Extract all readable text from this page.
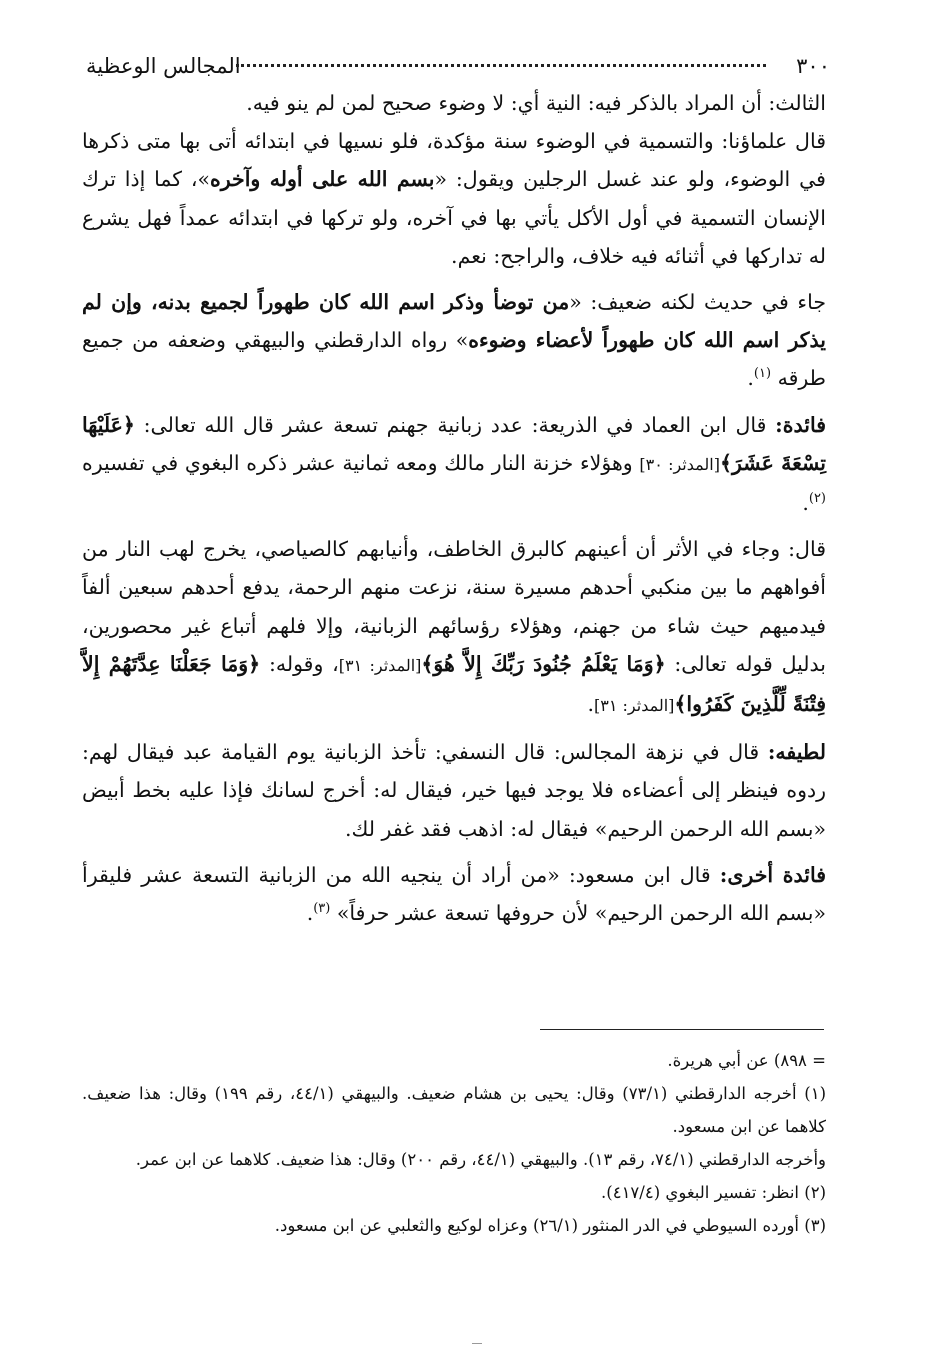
٣٠٠
المجالس الوعظية

الثالث: أن المراد بالذكر فيه: النية أي: لا وضوء صحيح لمن لم ينو فيه.

قال علماؤنا: والتسمية في الوضوء سنة مؤكدة، فلو نسيها في ابتدائه أتى بها متى ذكرها في الوضوء، ولو عند غسل الرجلين ويقول: «بسم الله على أوله وآخره»، كما إذا ترك الإنسان التسمية في أول الأكل يأتي بها في آخره، ولو تركها في ابتدائه عمداً فهل يشرع له تداركها في أثنائه فيه خلاف، والراجح: نعم.

جاء في حديث لكنه ضعيف: «من توضأ وذكر اسم الله كان طهوراً لجميع بدنه، وإن لم يذكر اسم الله كان طهوراً لأعضاء وضوءه» رواه الدارقطني والبيهقي وضعفه من جميع طرقه $^{(١)}$.

فائدة: قال ابن العماد في الذريعة: عدد زبانية جهنم تسعة عشر قال الله تعالى: ﴿عَلَيْهَا تِسْعَةَ عَشَرَ﴾[المدثر: ٣٠] وهؤلاء خزنة النار مالك ومعه ثمانية عشر ذكره البغوي في تفسيره $^{(٢)}$.

قال: وجاء في الأثر أن أعينهم كالبرق الخاطف، وأنيابهم كالصياصي، يخرج لهب النار من أفواههم ما بين منكبي أحدهم مسيرة سنة، نزعت منهم الرحمة، يدفع أحدهم سبعين ألفاً فيدميهم حيث شاء من جهنم، وهؤلاء رؤسائهم الزبانية، وإلا فلهم أتباع غير محصورين، بدليل قوله تعالى: ﴿وَمَا يَعْلَمُ جُنُودَ رَبِّكَ إِلاَّ هُوَ﴾[المدثر: ٣١]، وقوله: ﴿وَمَا جَعَلْنَا عِدَّتَهُمْ إِلاَّ فِتْنَةً لِّلَّذِينَ كَفَرُوا﴾[المدثر: ٣١].

لطيفه: قال في نزهة المجالس: قال النسفي: تأخذ الزبانية يوم القيامة عبد فيقال لهم: ردوه فينظر إلى أعضاءه فلا يوجد فيها خير، فيقال له: أخرج لسانك فإذا عليه بخط أبيض «بسم الله الرحمن الرحيم» فيقال له: اذهب فقد غفر لك.

فائدة أخرى: قال ابن مسعود: «من أراد أن ينجيه الله من الزبانية التسعة عشر فليقرأ «بسم الله الرحمن الرحيم» لأن حروفها تسعة عشر حرفاً» $^{(٣)}$.

= ٨٩٨) عن أبي هريرة.

(١) أخرجه الدارقطني (٧٣/١) وقال: يحيى بن هشام ضعيف. والبيهقي (٤٤/١، رقم ١٩٩) وقال: هذا ضعيف. كلاهما عن ابن مسعود.

وأخرجه الدارقطني (٧٤/١، رقم ١٣). والبيهقي (٤٤/١، رقم ٢٠٠) وقال: هذا ضعيف. كلاهما عن ابن عمر.

(٢) انظر: تفسير البغوي (٤١٧/٤).

(٣) أورده السيوطي في الدر المنثور (٢٦/١) وعزاه لوكيع والثعلبي عن ابن مسعود.
